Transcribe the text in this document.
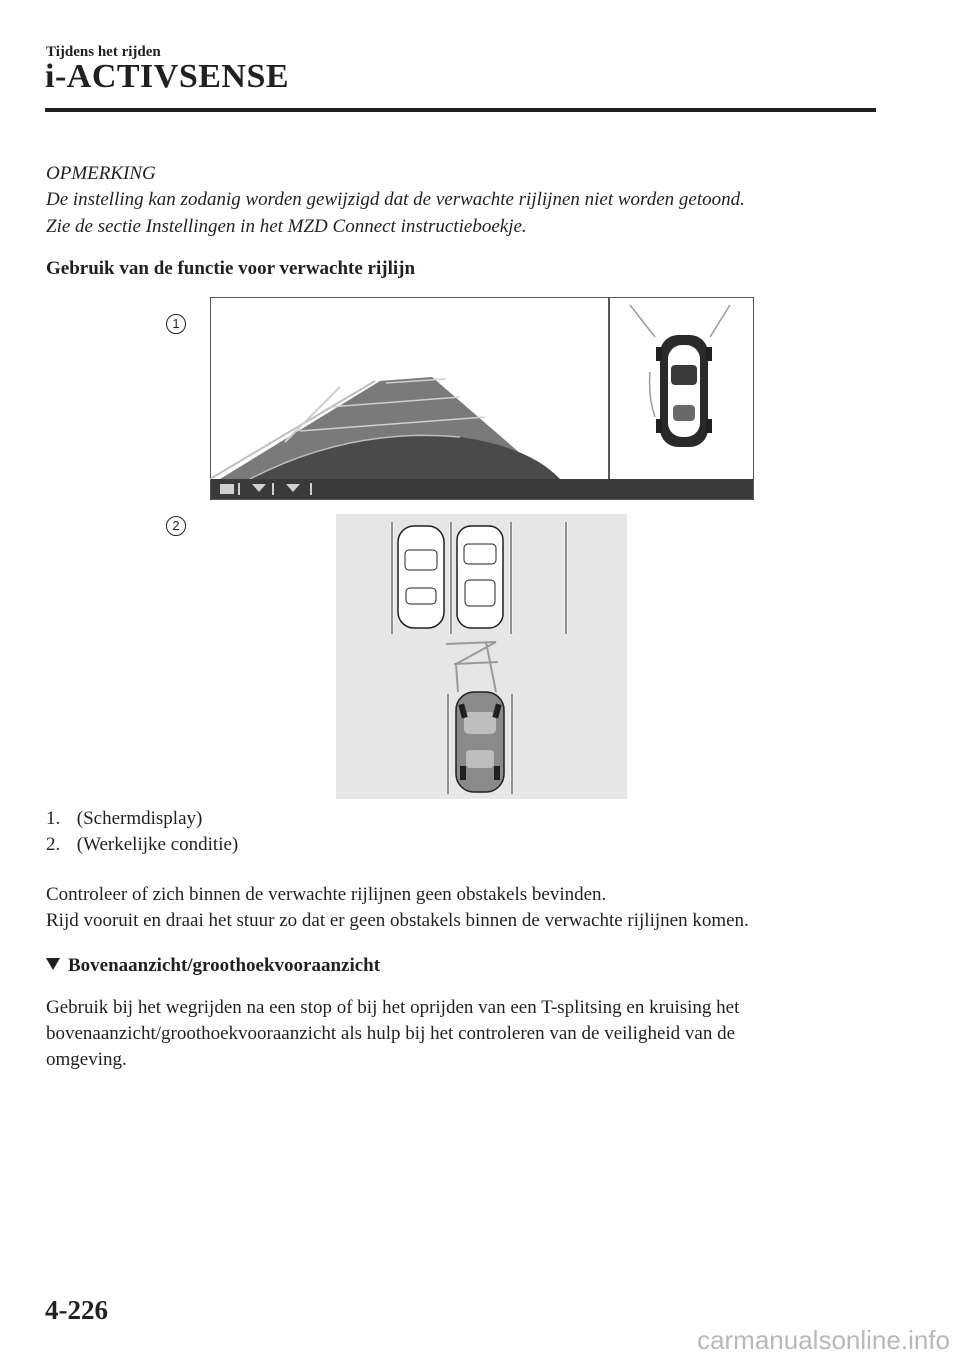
Tijdens het rijden
i-ACTIVSENSE
OPMERKING
De instelling kan zodanig worden gewijzigd dat de verwachte rijlijnen niet worden getoond.
Zie de sectie Instellingen in het MZD Connect instructieboekje.
Gebruik van de functie voor verwachte rijlijn
1
2
1. (Schermdisplay)
2. (Werkelijke conditie)
Controleer of zich binnen de verwachte rijlijnen geen obstakels bevinden.
Rijd vooruit en draai het stuur zo dat er geen obstakels binnen de verwachte rijlijnen komen.
Bovenaanzicht/groothoekvooraanzicht
Gebruik bij het wegrijden na een stop of bij het oprijden van een T-splitsing en kruising het
bovenaanzicht/groothoekvooraanzicht als hulp bij het controleren van de veiligheid van de
omgeving.
4-226
carmanualsonline.info
